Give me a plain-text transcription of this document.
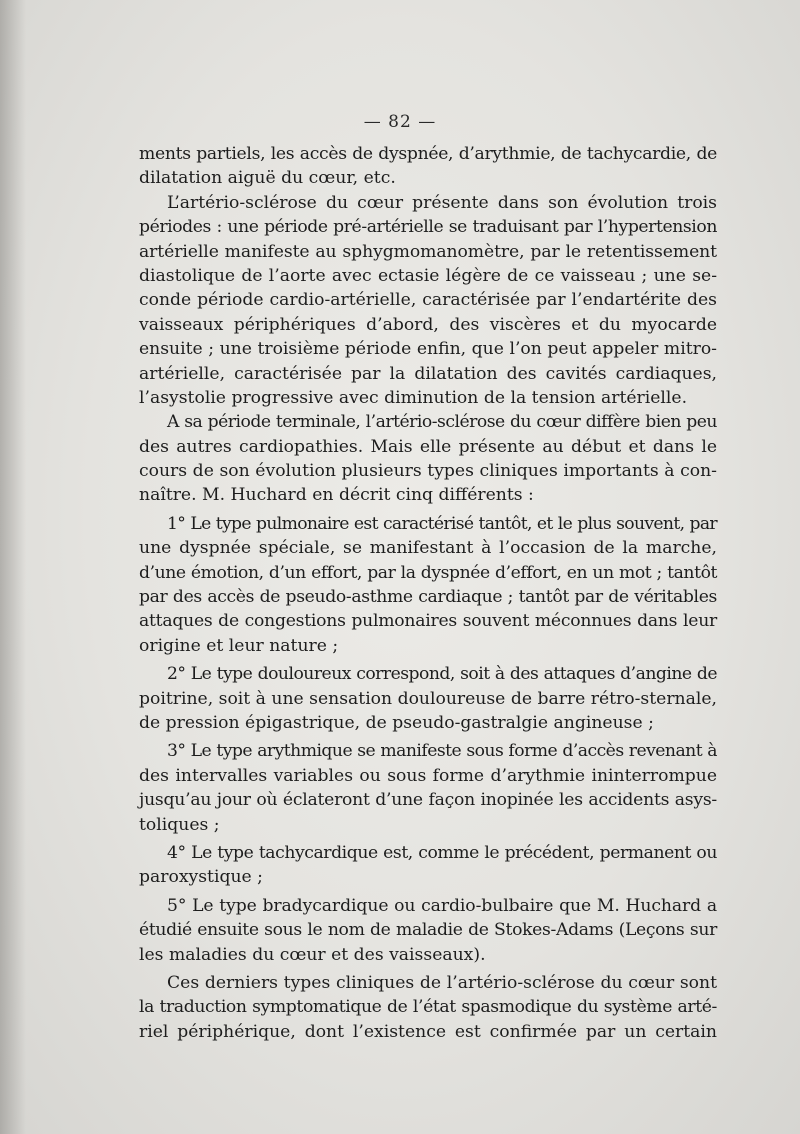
— 82 —
ments partiels, les accès de dyspnée, d’arythmie, de tachycardie, de
dilatation aiguë du cœur, etc.
L’artério-sclérose du cœur présente dans son évolution trois
périodes : une période pré-artérielle se traduisant par l’hypertension
artérielle manifeste au sphygmomanomètre, par le retentissement
diastolique de l’aorte avec ectasie légère de ce vaisseau ; une se-
conde période cardio-artérielle, caractérisée par l’endartérite des
vaisseaux périphériques d’abord, des viscères et du myocarde
ensuite ; une troisième période enfin, que l’on peut appeler mitro-
artérielle, caractérisée par la dilatation des cavités cardiaques,
l’asystolie progressive avec diminution de la tension artérielle.
A sa période terminale, l’artério-sclérose du cœur diffère bien peu
des autres cardiopathies. Mais elle présente au début et dans le
cours de son évolution plusieurs types cliniques importants à con-
naître. M. Huchard en décrit cinq différents :
1° Le type pulmonaire est caractérisé tantôt, et le plus souvent, par
une dyspnée spéciale, se manifestant à l’occasion de la marche,
d’une émotion, d’un effort, par la dyspnée d’effort, en un mot ; tantôt
par des accès de pseudo-asthme cardiaque ; tantôt par de véritables
attaques de congestions pulmonaires souvent méconnues dans leur
origine et leur nature ;
2° Le type douloureux correspond, soit à des attaques d’angine de
poitrine, soit à une sensation douloureuse de barre rétro-sternale,
de pression épigastrique, de pseudo-gastralgie angineuse ;
3° Le type arythmique se manifeste sous forme d’accès revenant à
des intervalles variables ou sous forme d’arythmie ininterrompue
jusqu’au jour où éclateront d’une façon inopinée les accidents asys-
toliques ;
4° Le type tachycardique est, comme le précédent, permanent ou
paroxystique ;
5° Le type bradycardique ou cardio-bulbaire que M. Huchard a
étudié ensuite sous le nom de maladie de Stokes-Adams (Leçons sur
les maladies du cœur et des vaisseaux).
Ces derniers types cliniques de l’artério-sclérose du cœur sont
la traduction symptomatique de l’état spasmodique du système arté-
riel périphérique, dont l’existence est confirmée par un certain
